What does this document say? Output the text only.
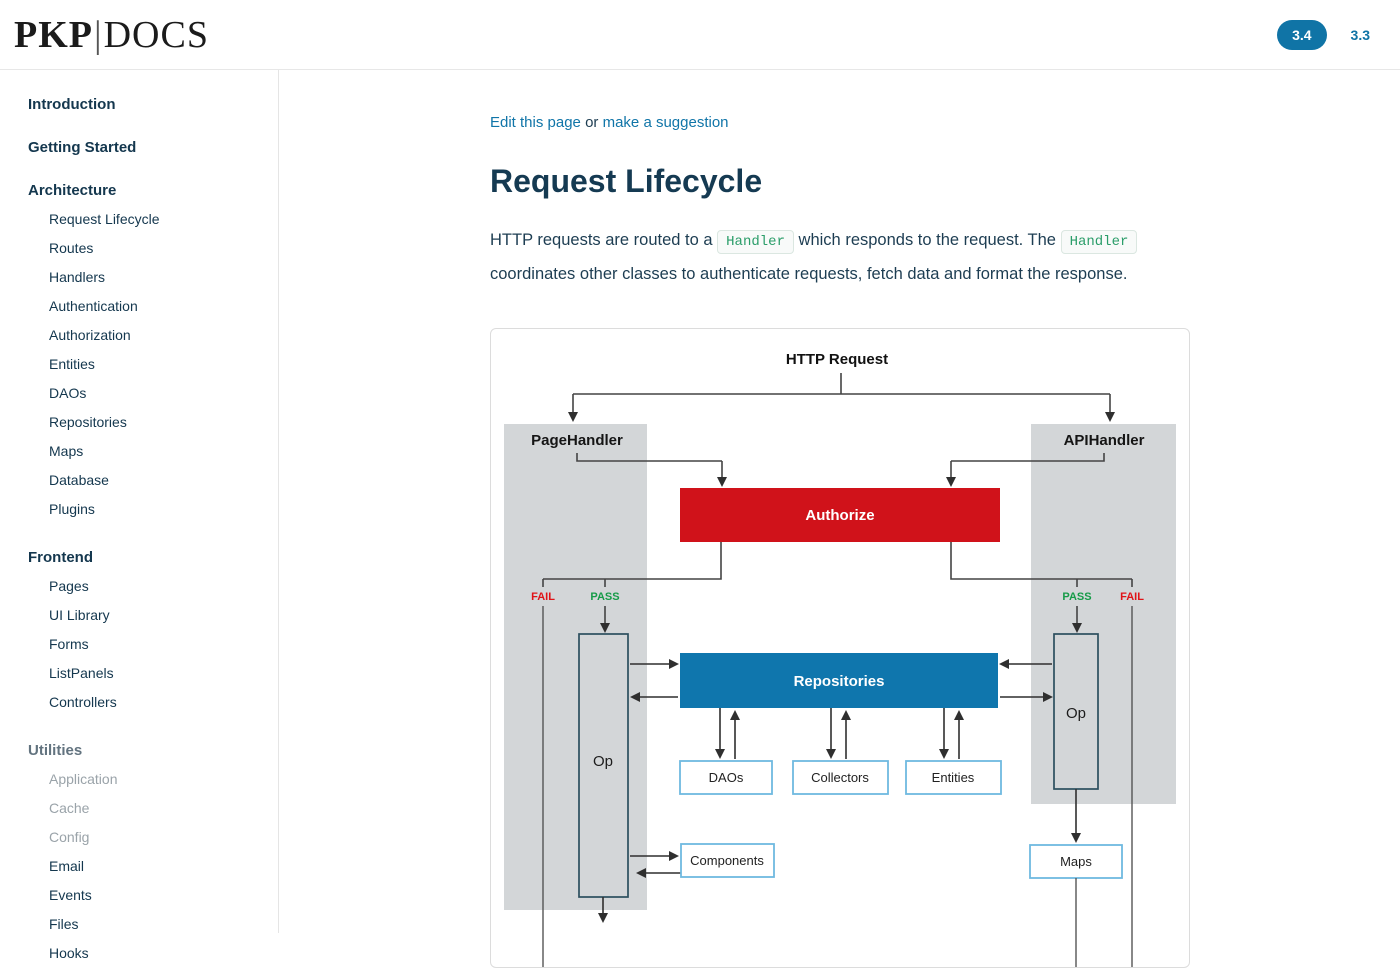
PKP|DOCS	3.4	3.3
Introduction
Getting Started
Architecture
Request Lifecycle
Routes
Handlers
Authentication
Authorization
Entities
DAOs
Repositories
Maps
Database
Plugins
Frontend
Pages
UI Library
Forms
ListPanels
Controllers
Utilities
Application
Cache
Config
Email
Events
Files
Hooks
Edit this page or make a suggestion
Request Lifecycle

HTTP requests are routed to a Handler which responds to the request. The Handler coordinates other classes to authenticate requests, fetch data and format the response.

HTTP Request
PageHandler	APIHandler
Authorize
FAIL	PASS	PASS	FAIL
Op
Op
Repositories
DAOs	Collectors	Entities
Components	Maps
